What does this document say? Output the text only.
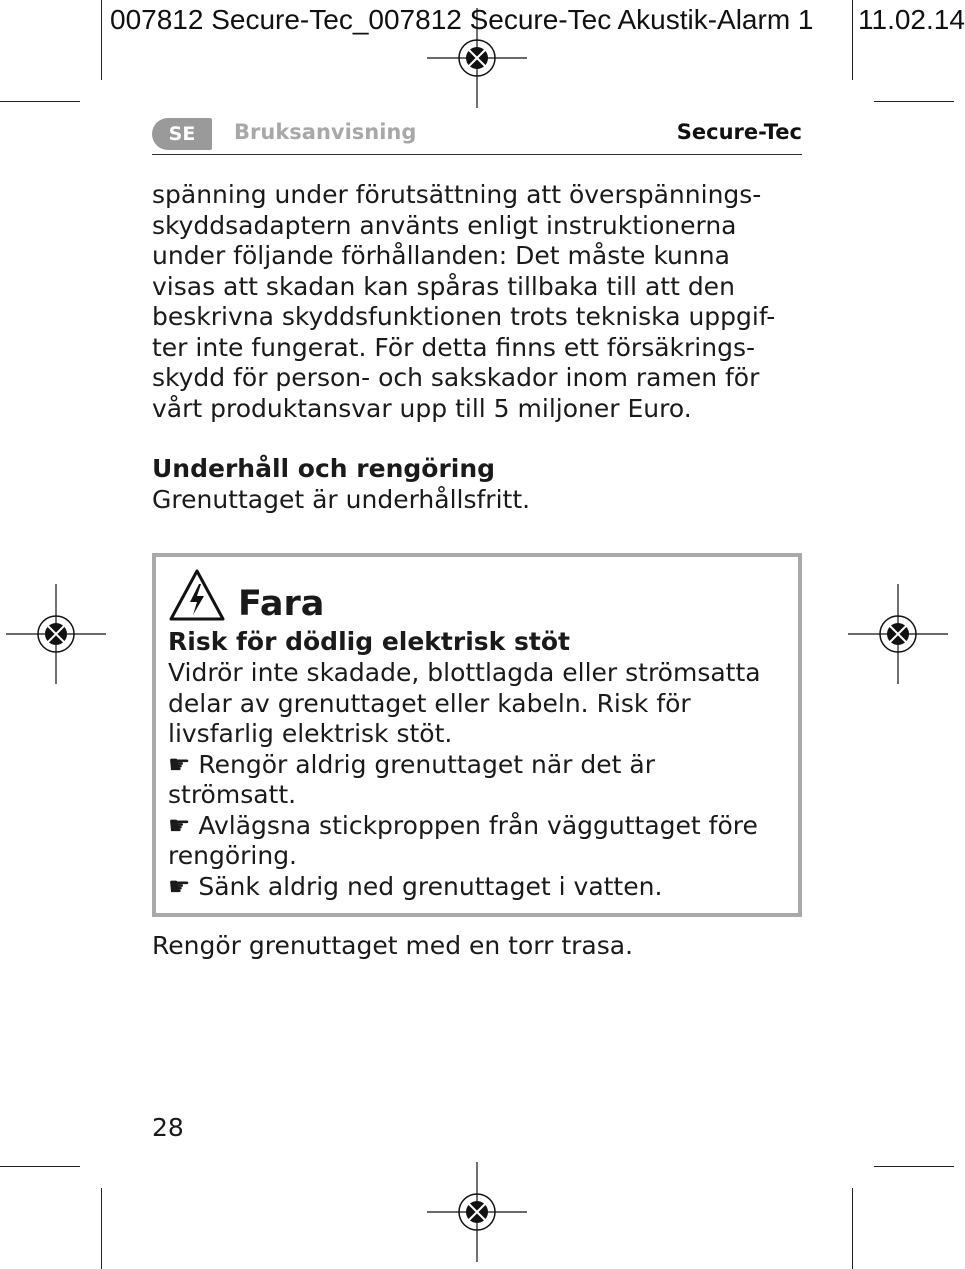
007812 Secure-Tec_007812 Secure-Tec Akustik-Alarm 1 11.02.14
SE	Bruksanvisning	Secure-Tec
spänning under förutsättning att överspännings-
skyddsadaptern använts enligt instruktionerna
under följande förhållanden: Det måste kunna
visas att skadan kan spåras tillbaka till att den
beskrivna skyddsfunktionen trots tekniska uppgif-
ter inte fungerat. För detta finns ett försäkrings-
skydd för person- och sakskador inom ramen för
vårt produktansvar upp till 5 miljoner Euro.
Underhåll och rengöring
Grenuttaget är underhållsfritt.
Fara
Risk för dödlig elektrisk stöt
Vidrör inte skadade, blottlagda eller strömsatta
delar av grenuttaget eller kabeln. Risk för
livsfarlig elektrisk stöt.
☛ Rengör aldrig grenuttaget när det är
strömsatt.
☛ Avlägsna stickproppen från vägguttaget före
rengöring.
☛ Sänk aldrig ned grenuttaget i vatten.
Rengör grenuttaget med en torr trasa.
28
